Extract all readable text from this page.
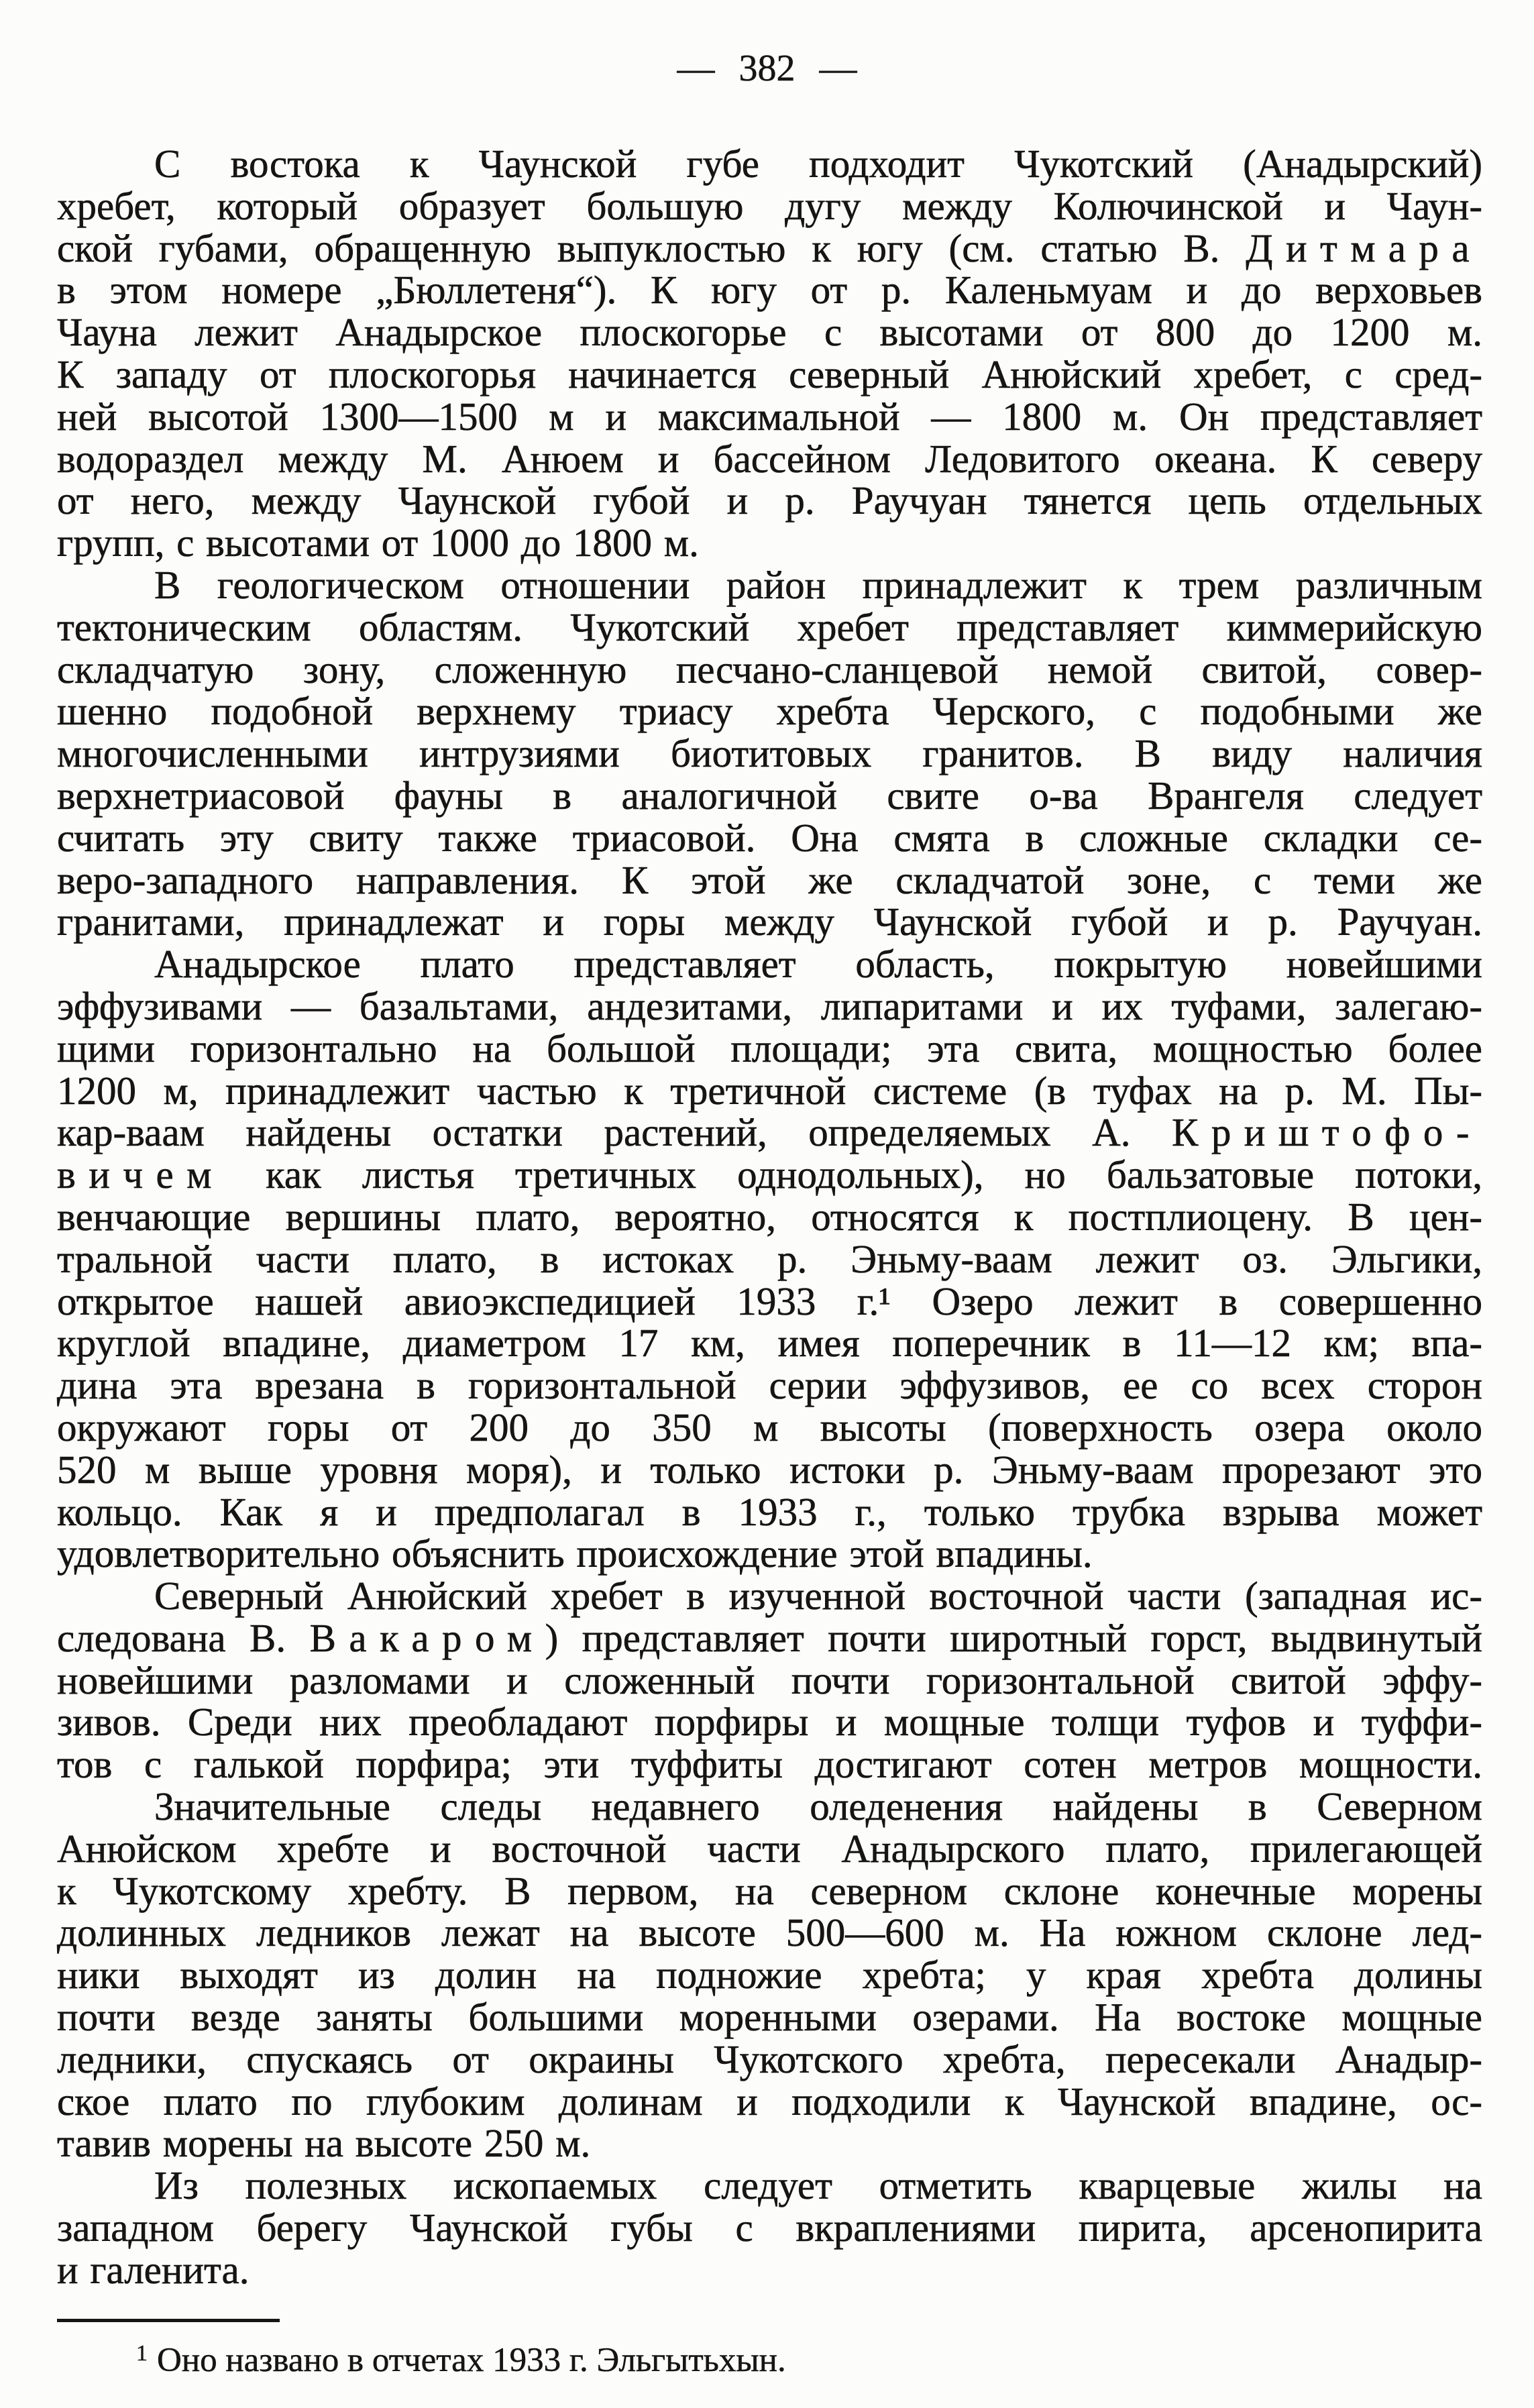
— 382 —

С востока к Чаунской губе подходит Чукотский (Анадырский)
хребет, который образует большую дугу между Колючинской и Чаун-
ской губами, обращенную выпуклостью к югу (см. статью В. Дитмара
в этом номере „Бюллетеня“). К югу от р. Каленьмуам и до верховьев
Чауна лежит Анадырское плоскогорье с высотами от 800 до 1200 м.
К западу от плоскогорья начинается северный Анюйский хребет, с сред-
ней высотой 1300—1500 м и максимальной — 1800 м. Он представляет
водораздел между М. Анюем и бассейном Ледовитого океана. К северу
от него, между Чаунской губой и р. Раучуан тянется цепь отдельных
групп, с высотами от 1000 до 1800 м.

В геологическом отношении район принадлежит к трем различным
тектоническим областям. Чукотский хребет представляет киммерийскую
складчатую зону, сложенную песчано-сланцевой немой свитой, совер-
шенно подобной верхнему триасу хребта Черского, с подобными же
многочисленными интрузиями биотитовых гранитов. В виду наличия
верхнетриасовой фауны в аналогичной свите о-ва Врангеля следует
считать эту свиту также триасовой. Она смята в сложные складки се-
веро-западного направления. К этой же складчатой зоне, с теми же
гранитами, принадлежат и горы между Чаунской губой и р. Раучуан.

Анадырское плато представляет область, покрытую новейшими
эффузивами — базальтами, андезитами, липаритами и их туфами, залегаю-
щими горизонтально на большой площади; эта свита, мощностью более
1200 м, принадлежит частью к третичной системе (в туфах на р. М. Пы-
кар-ваам найдены остатки растений, определяемых А. Криштофо-
вичем как листья третичных однодольных), но бальзатовые потоки,
венчающие вершины плато, вероятно, относятся к постплиоцену. В цен-
тральной части плато, в истоках р. Эньму-ваам лежит оз. Эльгики,
открытое нашей авиоэкспедицией 1933 г.¹ Озеро лежит в совершенно
круглой впадине, диаметром 17 км, имея поперечник в 11—12 км; впа-
дина эта врезана в горизонтальной серии эффузивов, ее со всех сторон
окружают горы от 200 до 350 м высоты (поверхность озера около
520 м выше уровня моря), и только истоки р. Эньму-ваам прорезают это
кольцо. Как я и предполагал в 1933 г., только трубка взрыва может
удовлетворительно объяснить происхождение этой впадины.

Северный Анюйский хребет в изученной восточной части (западная ис-
следована В. Вакаром) представляет почти широтный горст, выдвинутый
новейшими разломами и сложенный почти горизонтальной свитой эффу-
зивов. Среди них преобладают порфиры и мощные толщи туфов и туффи-
тов с галькой порфира; эти туффиты достигают сотен метров мощности.

Значительные следы недавнего оледенения найдены в Северном
Анюйском хребте и восточной части Анадырского плато, прилегающей
к Чукотскому хребту. В первом, на северном склоне конечные морены
долинных ледников лежат на высоте 500—600 м. На южном склоне лед-
ники выходят из долин на подножие хребта; у края хребта долины
почти везде заняты большими моренными озерами. На востоке мощные
ледники, спускаясь от окраины Чукотского хребта, пересекали Анадыр-
ское плато по глубоким долинам и подходили к Чаунской впадине, ос-
тавив морены на высоте 250 м.

Из полезных ископаемых следует отметить кварцевые жилы на
западном берегу Чаунской губы с вкраплениями пирита, арсенопирита
и галенита.

$^1$ Оно названо в отчетах 1933 г. Эльгытьхын.
